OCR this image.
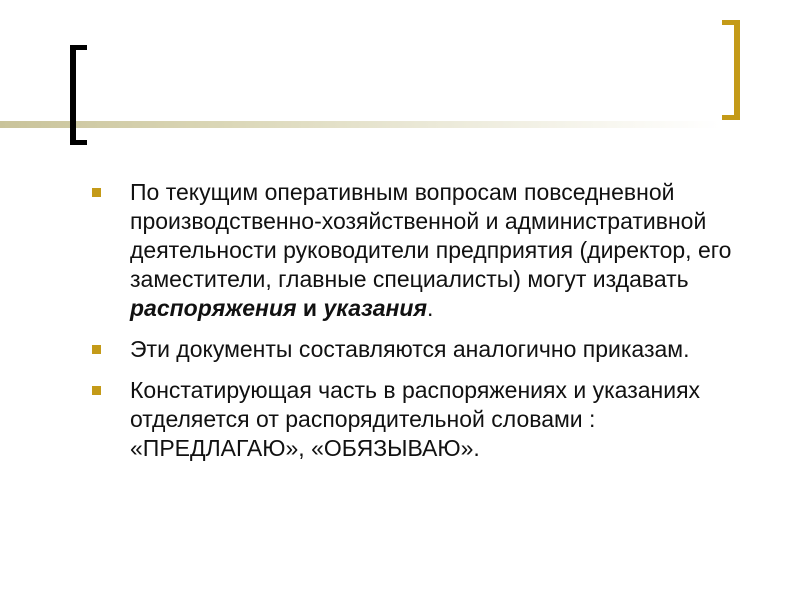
По текущим оперативным вопросам повседневной производственно-хозяйственной и административной деятельности руководители предприятия (директор, его заместители, главные специалисты) могут издавать распоряжения и указания.
Эти документы составляются аналогично приказам.
Констатирующая часть в распоряжениях и указаниях отделяется от распорядительной словами : «ПРЕДЛАГАЮ», «ОБЯЗЫВАЮ».
